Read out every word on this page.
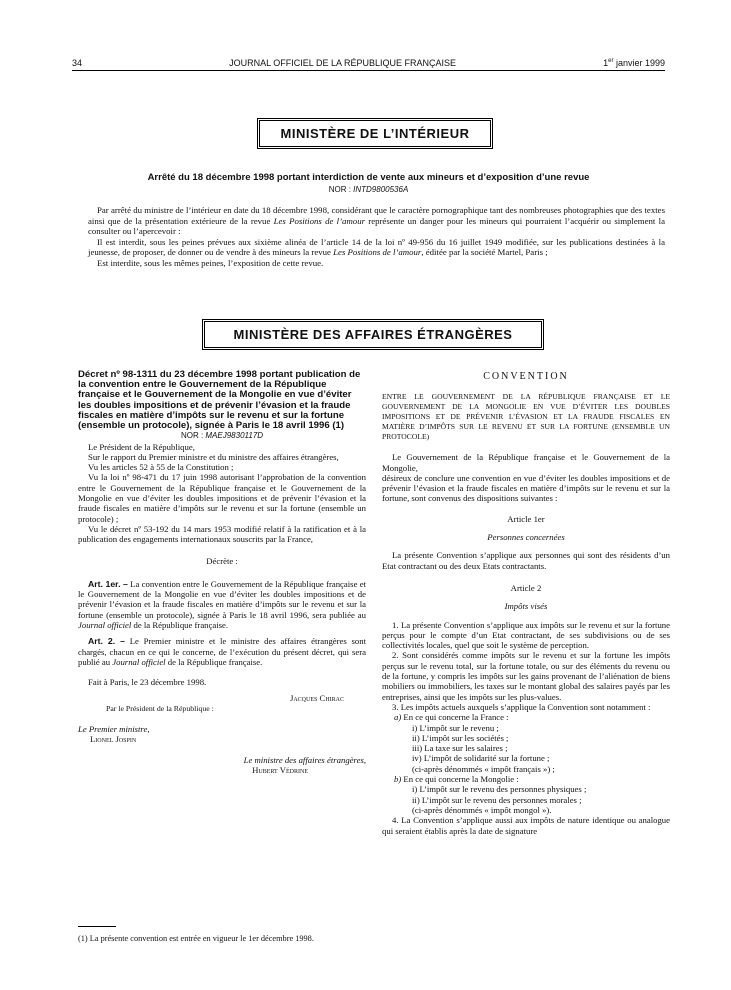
34	JOURNAL OFFICIEL DE LA RÉPUBLIQUE FRANÇAISE	1er janvier 1999
MINISTÈRE DE L’INTÉRIEUR
Arrêté du 18 décembre 1998 portant interdiction de vente aux mineurs et d’exposition d’une revue
NOR : INTD9800536A

Par arrêté du ministre de l’intérieur en date du 18 décembre 1998, considérant que le caractère pornographique tant des nombreuses photographies que des textes ainsi que de la présentation extérieure de la revue Les Positions de l’amour représente un danger pour les mineurs qui pourraient l’acquérir ou simplement la consulter ou l’apercevoir :

Il est interdit, sous les peines prévues aux sixième alinéa de l’article 14 de la loi nº 49-956 du 16 juillet 1949 modifiée, sur les publications destinées à la jeunesse, de proposer, de donner ou de vendre à des mineurs la revue Les Positions de l’amour, éditée par la société Martel, Paris ;

Est interdite, sous les mêmes peines, l’exposition de cette revue.

MINISTÈRE DES AFFAIRES ÉTRANGÈRES

Décret nº 98-1311 du 23 décembre 1998 portant publication de la convention entre le Gouvernement de la République française et le Gouvernement de la Mongolie en vue d’éviter les doubles impositions et de prévenir l’évasion et la fraude fiscales en matière d’impôts sur le revenu et sur la fortune (ensemble un protocole), signée à Paris le 18 avril 1996 (1)

NOR : MAEJ9830117D

Le Président de la République,

Sur le rapport du Premier ministre et du ministre des affaires étrangères,

Vu les articles 52 à 55 de la Constitution ;

Vu la loi nº 98-471 du 17 juin 1998 autorisant l’approbation de la convention entre le Gouvernement de la République française et le Gouvernement de la Mongolie en vue d’éviter les doubles impositions et de prévenir l’évasion et la fraude fiscales en matière d’impôts sur le revenu et sur la fortune (ensemble un protocole) ;

Vu le décret nº 53-192 du 14 mars 1953 modifié relatif à la ratification et à la publication des engagements internationaux souscrits par la France,

Décrète :

Art. 1er. – La convention entre le Gouvernement de la République française et le Gouvernement de la Mongolie en vue d’éviter les doubles impositions et de prévenir l’évasion et la fraude fiscales en matière d’impôts sur le revenu et sur la fortune (ensemble un protocole), signée à Paris le 18 avril 1996, sera publiée au Journal officiel de la République française.

Art. 2. – Le Premier ministre et le ministre des affaires étrangères sont chargés, chacun en ce qui le concerne, de l’exécution du présent décret, qui sera publié au Journal officiel de la République française.

Fait à Paris, le 23 décembre 1998.

Jacques Chirac

Par le Président de la République :

Le Premier ministre,

Lionel Jospin

Le ministre des affaires étrangères,

Hubert Védrine

(1) La présente convention est entrée en vigueur le 1er décembre 1998.

CONVENTION

ENTRE LE GOUVERNEMENT DE LA RÉPUBLIQUE FRANÇAISE ET LE GOUVERNEMENT DE LA MONGOLIE EN VUE D’ÉVITER LES DOUBLES IMPOSITIONS ET DE PRÉVENIR L’ÉVASION ET LA FRAUDE FISCALES EN MATIÈRE D’IMPÔTS SUR LE REVENU ET SUR LA FORTUNE (ENSEMBLE UN PROTOCOLE)

Le Gouvernement de la République française et le Gouvernement de la Mongolie,

désireux de conclure une convention en vue d’éviter les doubles impositions et de prévenir l’évasion et la fraude fiscales en matière d’impôts sur le revenu et sur la fortune, sont convenus des dispositions suivantes :

Article 1er

Personnes concernées

La présente Convention s’applique aux personnes qui sont des résidents d’un Etat contractant ou des deux Etats contractants.

Article 2

Impôts visés

1. La présente Convention s’applique aux impôts sur le revenu et sur la fortune perçus pour le compte d’un Etat contractant, de ses subdivisions ou de ses collectivités locales, quel que soit le système de perception.

2. Sont considérés comme impôts sur le revenu et sur la fortune les impôts perçus sur le revenu total, sur la fortune totale, ou sur des éléments du revenu ou de la fortune, y compris les impôts sur les gains provenant de l’aliénation de biens mobiliers ou immobiliers, les taxes sur le montant global des salaires payés par les entreprises, ainsi que les impôts sur les plus-values.

3. Les impôts actuels auxquels s’applique la Convention sont notamment :

a) En ce qui concerne la France :

i) L’impôt sur le revenu ;

ii) L’impôt sur les sociétés ;

iii) La taxe sur les salaires ;

iv) L’impôt de solidarité sur la fortune ;

(ci-après dénommés « impôt français ») ;

b) En ce qui concerne la Mongolie :

i) L’impôt sur le revenu des personnes physiques ;

ii) L’impôt sur le revenu des personnes morales ;

(ci-après dénommés « impôt mongol »).

4. La Convention s’applique aussi aux impôts de nature identique ou analogue qui seraient établis après la date de signature
